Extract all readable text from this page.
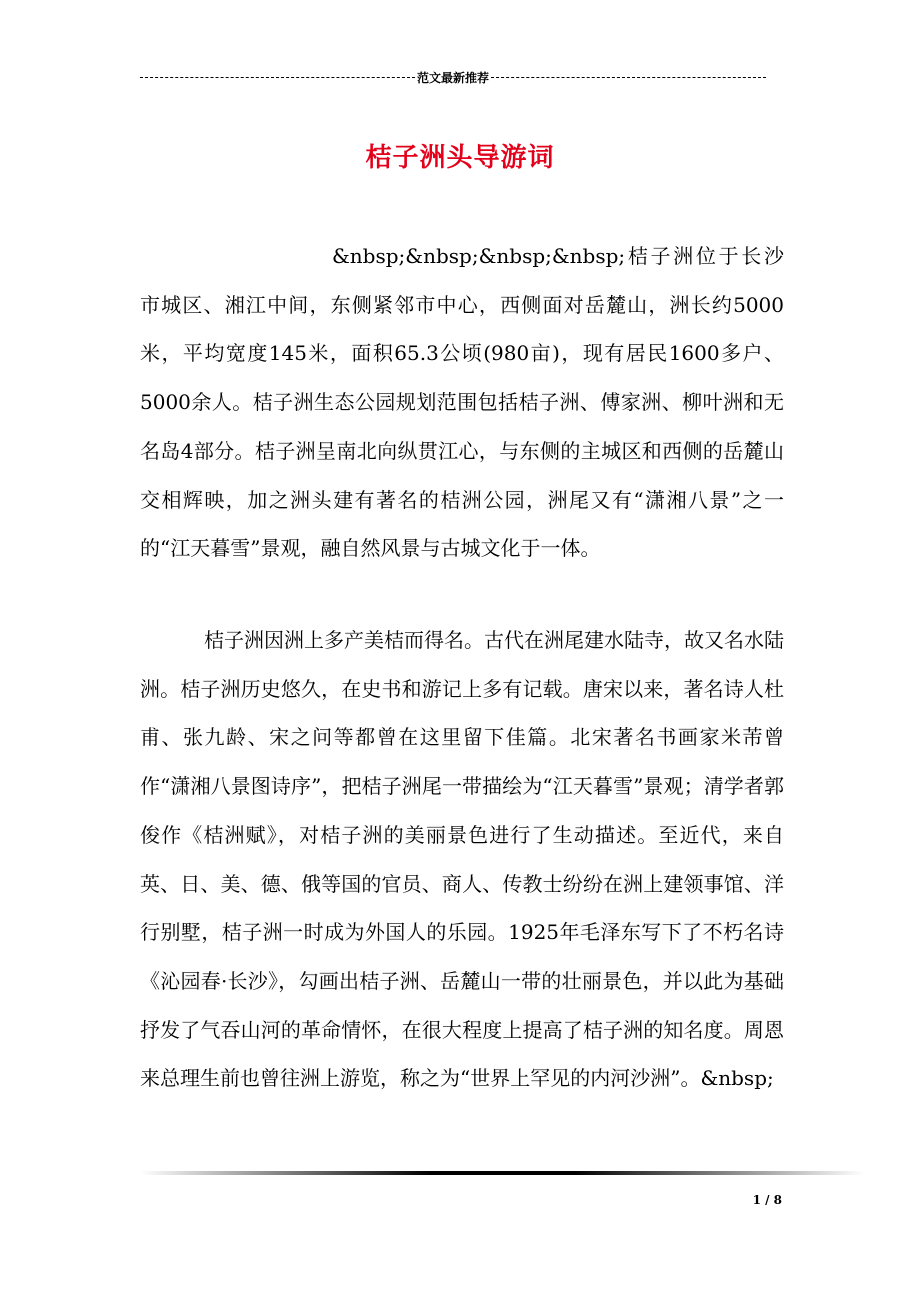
范文最新推荐
桔子洲头导游词

&nbsp;&nbsp;&nbsp;&nbsp;桔子洲位于长沙市城区、湘江中间，东侧紧邻市中心，西侧面对岳麓山，洲长约5000米，平均宽度145米，面积65.3公顷(980亩)，现有居民1600多户、5000余人。桔子洲生态公园规划范围包括桔子洲、傅家洲、柳叶洲和无名岛4部分。桔子洲呈南北向纵贯江心，与东侧的主城区和西侧的岳麓山交相辉映，加之洲头建有著名的桔洲公园，洲尾又有“潇湘八景”之一的“江天暮雪”景观，融自然风景与古城文化于一体。

桔子洲因洲上多产美桔而得名。古代在洲尾建水陆寺，故又名水陆洲。桔子洲历史悠久，在史书和游记上多有记载。唐宋以来，著名诗人杜甫、张九龄、宋之问等都曾在这里留下佳篇。北宋著名书画家米芾曾作“潇湘八景图诗序”，把桔子洲尾一带描绘为“江天暮雪”景观；清学者郭俊作《桔洲赋》，对桔子洲的美丽景色进行了生动描述。至近代，来自英、日、美、德、俄等国的官员、商人、传教士纷纷在洲上建领事馆、洋行别墅，桔子洲一时成为外国人的乐园。1925年毛泽东写下了不朽名诗《沁园春·长沙》，勾画出桔子洲、岳麓山一带的壮丽景色，并以此为基础抒发了气吞山河的革命情怀，在很大程度上提高了桔子洲的知名度。周恩来总理生前也曾往洲上游览，称之为“世界上罕见的内河沙洲”。&nbsp;

1 / 8
